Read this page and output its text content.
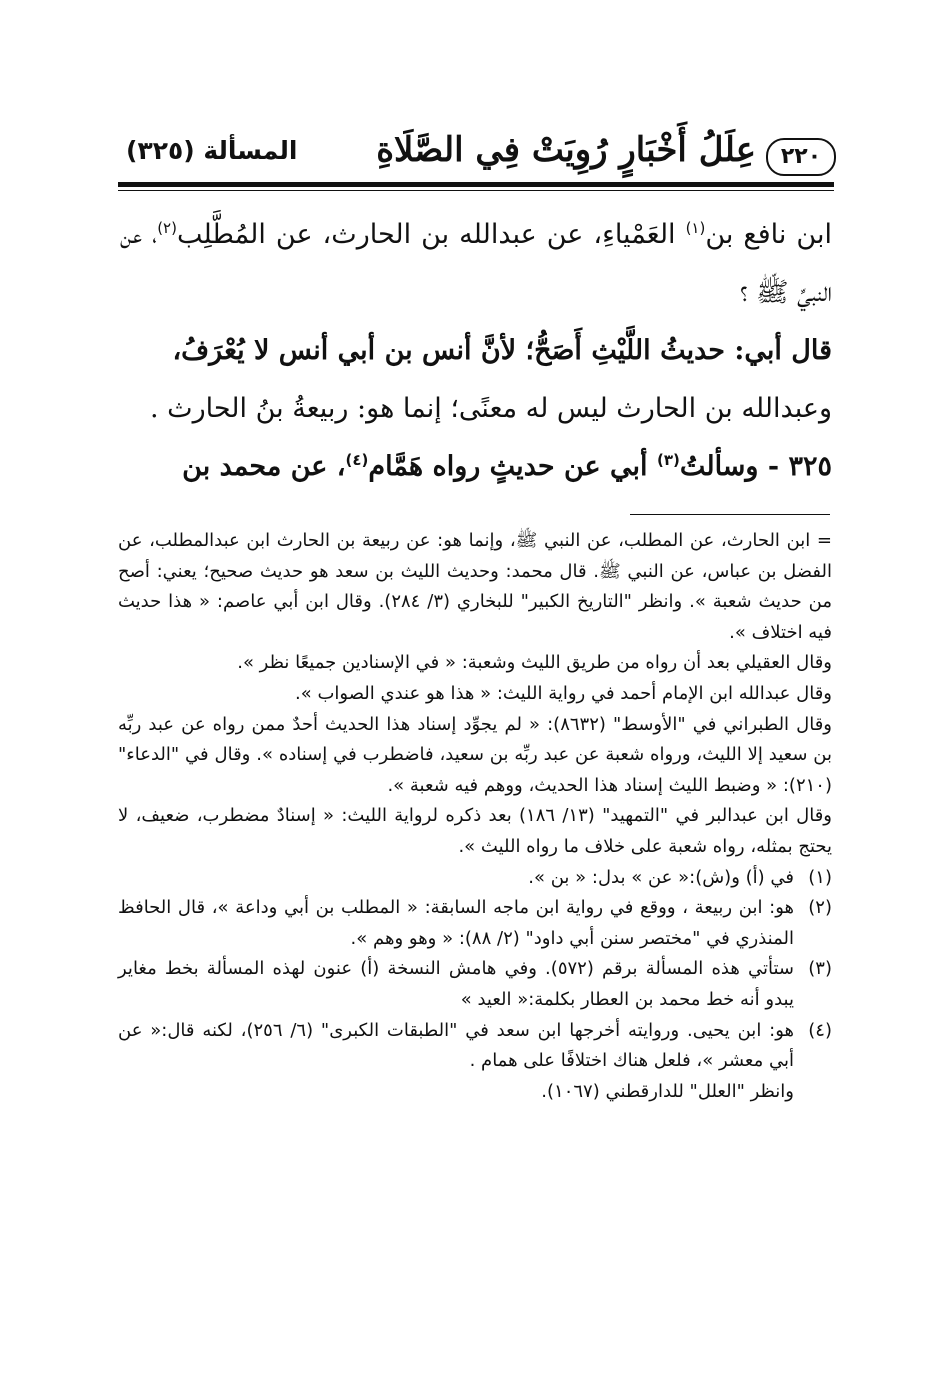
٢٢٠
عِلَلُ أَخْبَارٍ رُوِيَتْ فِي الصَّلَاةِ
المسألة (٣٢٥)

ابن نافع بن$^{(١)}$ العَمْياءِ، عن عبدالله بن الحارث، عن المُطَّلِب$^{(٢)}$، عن النبيِّ ﷺ ؟

قال أبي: حديثُ اللَّيْثِ أَصَحُّ؛ لأنَّ أنس بن أبي أنس لا يُعْرَفُ،

وعبدالله بن الحارث ليس له معنًى؛ إنما هو: ربيعةُ بنُ الحارث .

٣٢٥ - وسألتُ$^{(٣)}$ أبي عن حديثٍ رواه هَمَّام$^{(٤)}$، عن محمد بن

= ابن الحارث، عن المطلب، عن النبي ﷺ، وإنما هو: عن ربيعة بن الحارث ابن عبدالمطلب، عن الفضل بن عباس، عن النبي ﷺ. قال محمد: وحديث الليث بن سعد هو حديث صحيح؛ يعني: أصح من حديث شعبة ». وانظر "التاريخ الكبير" للبخاري (٣/ ٢٨٤). وقال ابن أبي عاصم: « هذا حديث فيه اختلاف ».

وقال العقيلي بعد أن رواه من طريق الليث وشعبة: « في الإسنادين جميعًا نظر ».

وقال عبدالله ابن الإمام أحمد في رواية الليث: « هذا هو عندي الصواب ».

وقال الطبراني في "الأوسط" (٨٦٣٢): « لم يجوِّد إسناد هذا الحديث أحدٌ ممن رواه عن عبد ربِّه بن سعيد إلا الليث، ورواه شعبة عن عبد ربِّه بن سعيد، فاضطرب في إسناده ». وقال في "الدعاء" (٢١٠): « وضبط الليث إسناد هذا الحديث، ووهم فيه شعبة ».

وقال ابن عبدالبر في "التمهيد" (١٣/ ١٨٦) بعد ذكره لرواية الليث: « إسنادٌ مضطرب، ضعيف، لا يحتج بمثله، رواه شعبة على خلاف ما رواه الليث ».

(١)
في (أ) و(ش):« عن » بدل: « بن ».
(٢)
هو: ابن ربيعة ، ووقع في رواية ابن ماجه السابقة: « المطلب بن أبي وداعة »، قال الحافظ المنذري في "مختصر سنن أبي داود" (٢/ ٨٨): « وهو وهم ».
(٣)
ستأتي هذه المسألة برقم (٥٧٢). وفي هامش النسخة (أ) عنون لهذه المسألة بخط مغاير يبدو أنه خط محمد بن العطار بكلمة:« العيد »
(٤)
هو: ابن يحيى. وروايته أخرجها ابن سعد في "الطبقات الكبرى" (٦/ ٢٥٦)، لكنه قال:« عن أبي معشر »، فلعل هناك اختلافًا على همام .
وانظر "العلل" للدارقطني (١٠٦٧).
